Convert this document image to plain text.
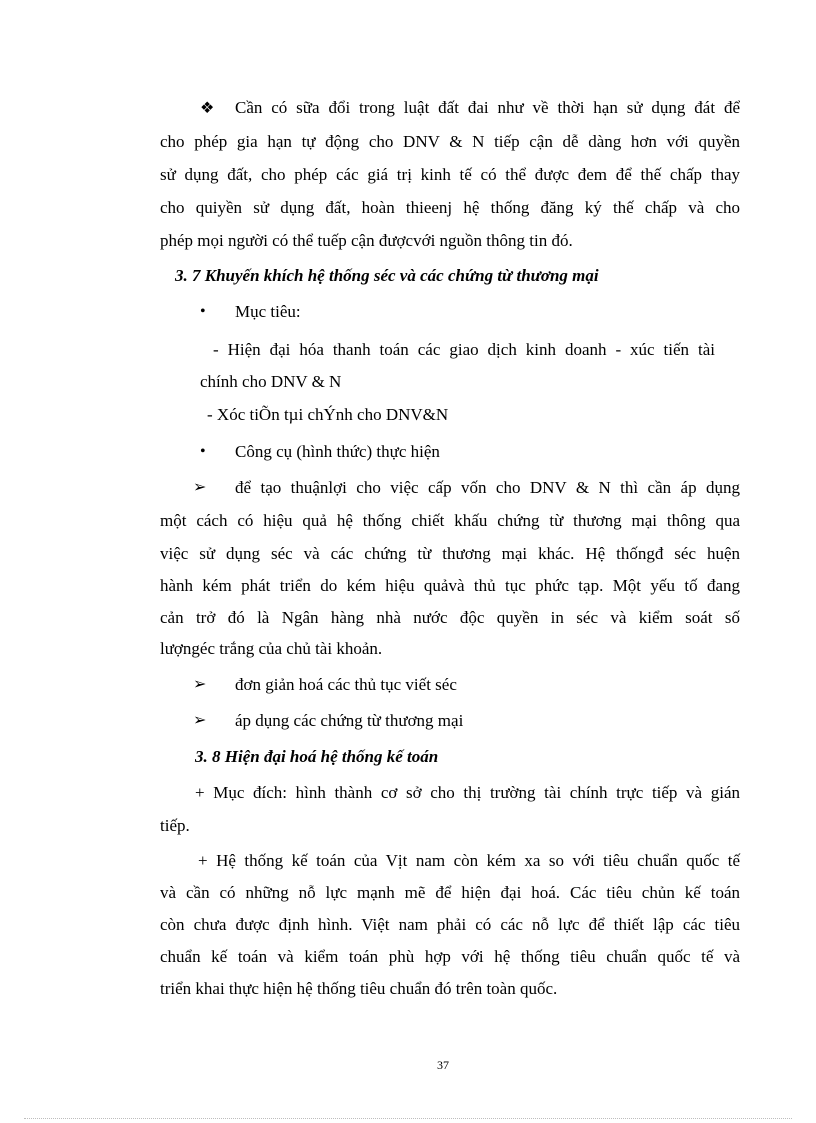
❖ Cần có sữa đổi trong luật đất đai như về thời hạn sử dụng đát để
cho phép gia hạn tự động cho DNV & N tiếp cận dễ dàng hơn với quyền
sử dụng đất, cho phép các giá trị kinh tế có thể được đem để thế chấp thay
cho quiyền sử dụng đất, hoàn thieenj hệ thống đăng ký thế chấp và cho
phép mọi người có thể tuếp cận đượcvới nguồn thông tin đó.
3. 7 Khuyến khích hệ thống séc và các chứng từ thương mại
• Mục tiêu:
- Hiện đại hóa thanh toán các giao dịch kinh doanh - xúc tiến tài
chính cho DNV & N
- Xóc tiÕn tµi chÝnh cho DNV&N
• Công cụ (hình thức) thực hiện
➢ để tạo thuậnlợi cho việc cấp vốn cho DNV & N thì cần áp dụng
một cách có hiệu quả hệ thống chiết khấu chứng từ thương mại thông qua
việc sử dụng séc và các chứng từ thương mại khác. Hệ thốngđ séc huện
hành kém phát triển do kém hiệu quảvà thủ tục phức tạp. Một yếu tố đang
cản trở đó là Ngân hàng nhà nước độc quyền in séc và kiểm soát số
lượngéc trắng của chủ tài khoản.
➢ đơn giản hoá các thủ tục viết séc
➢ áp dụng các chứng từ thương mại
3. 8 Hiện đại hoá hệ thống kế toán
+ Mục đích: hình thành cơ sở cho thị trường tài chính trực tiếp và gián
tiếp.
+ Hệ thống kế toán của Vịt nam còn kém xa so với tiêu chuẩn quốc tế
và cần có những nỗ lực mạnh mẽ để hiện đại hoá. Các tiêu chủn kế toán
còn chưa được định hình. Việt nam phải có các nỗ lực để thiết lập các tiêu
chuẩn kế toán và kiểm toán phù hợp với hệ thống tiêu chuẩn quốc tế và
triển khai thực hiện hệ thống tiêu chuẩn đó trên toàn quốc.
37
